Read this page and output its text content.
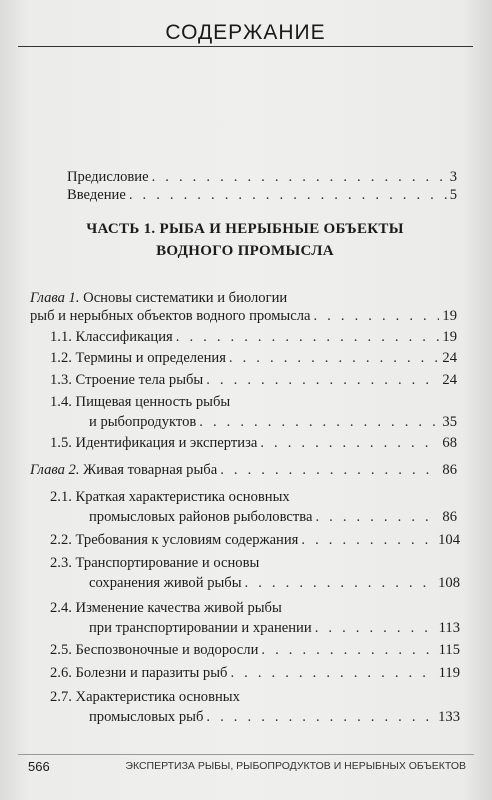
СОДЕРЖАНИЕ
Предисловие . . .	3
Введение . . .	5
ЧАСТЬ 1. РЫБА И НЕРЫБНЫЕ ОБЪЕКТЫ
ВОДНОГО ПРОМЫСЛА
Глава 1. Основы систематики и биологии
рыб и нерыбных объектов водного промысла . . .	19
1.1. Классификация . . .	19
1.2. Термины и определения . . .	24
1.3. Строение тела рыбы . . .	24
1.4. Пищевая ценность рыбы
и рыбопродуктов . . .	35
1.5. Идентификация и экспертиза . . .	68
Глава 2. Живая товарная рыба . . .	86
2.1. Краткая характеристика основных
промысловых районов рыболовства . . .	86
2.2. Требования к условиям содержания . . .	104
2.3. Транспортирование и основы
сохранения живой рыбы . . .	108
2.4. Изменение качества живой рыбы
при транспортировании и хранении . . .	113
2.5. Беспозвоночные и водоросли . . .	115
2.6. Болезни и паразиты рыб . . .	119
2.7. Характеристика основных
промысловых рыб . . .	133
566	ЭКСПЕРТИЗА РЫБЫ, РЫБОПРОДУКТОВ И НЕРЫБНЫХ ОБЪЕКТОВ
